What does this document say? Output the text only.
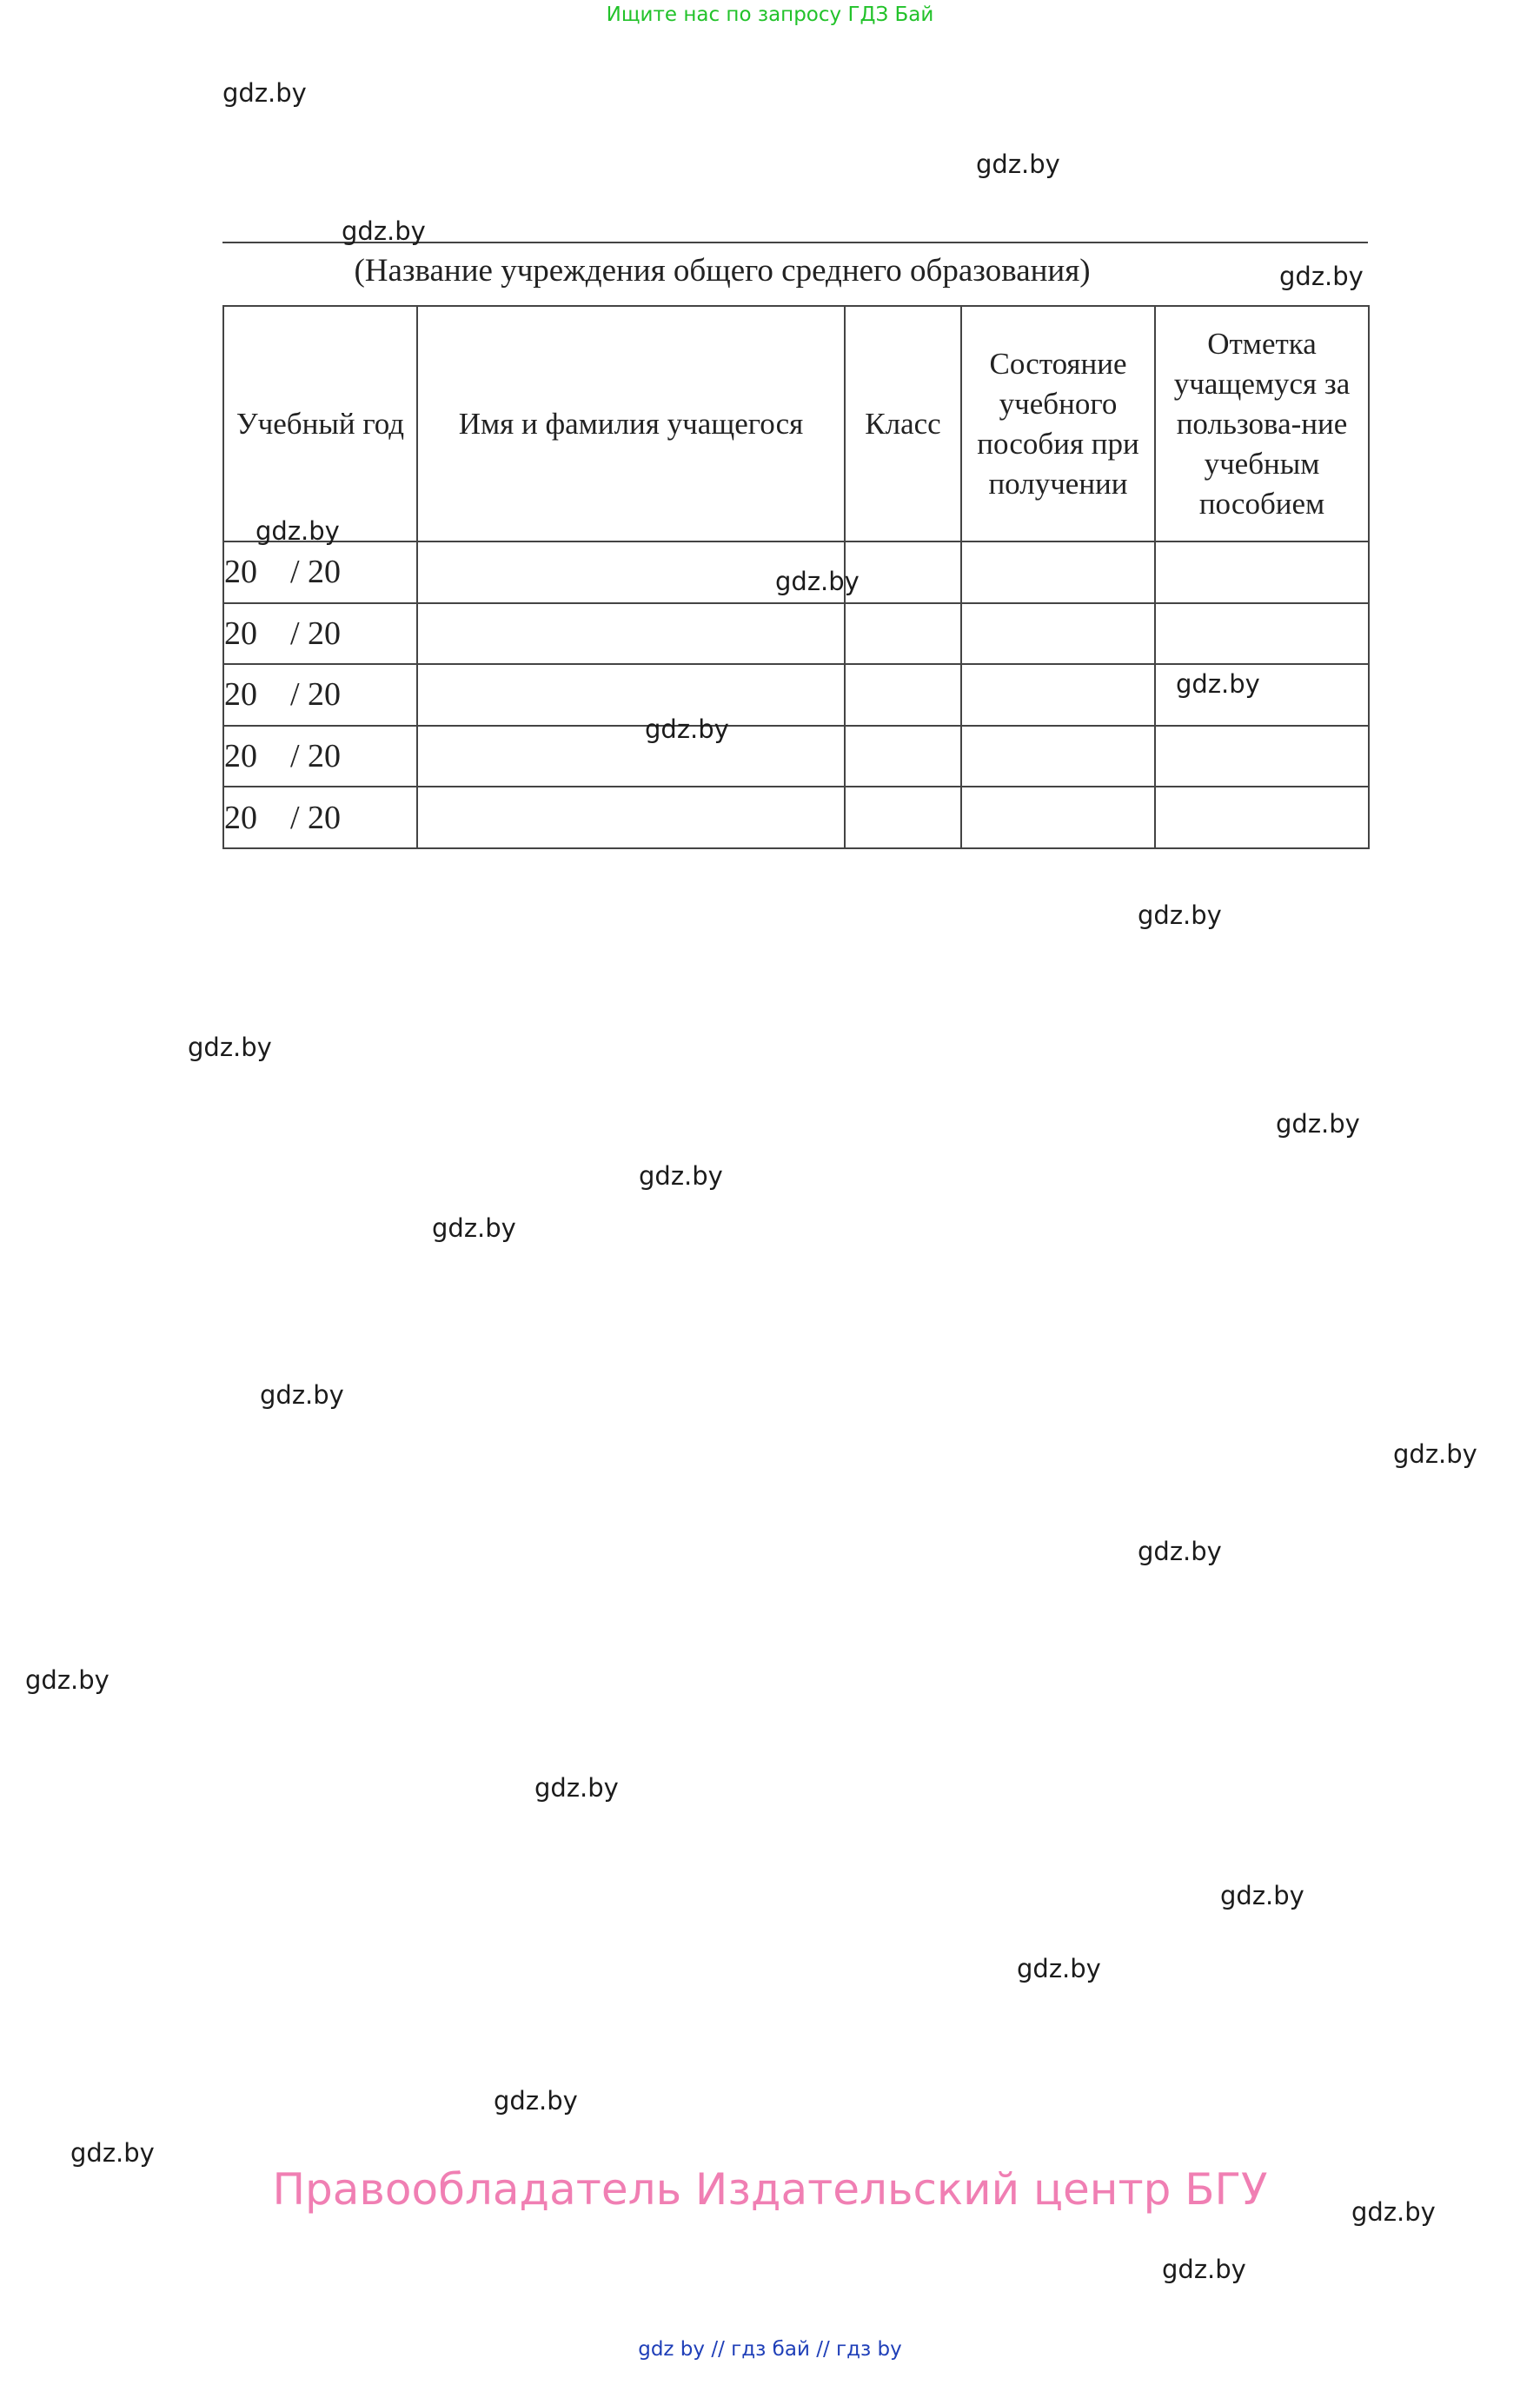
Ищите нас по запросу ГДЗ Бай
(Название учреждения общего среднего образования)
Учебный год	Имя и фамилия учащегося	Класс	Состояние учебного пособия при получении	Отметка учащемуся за пользова-ние учебным пособием
20    / 20				
20    / 20				
20    / 20				
20    / 20				
20    / 20				
gdz.by
gdz.by
gdz.by
gdz.by
gdz.by
gdz.by
gdz.by
gdz.by
gdz.by
gdz.by
gdz.by
gdz.by
gdz.by
gdz.by
gdz.by
gdz.by
gdz.by
gdz.by
gdz.by
gdz.by
gdz.by
gdz.by
gdz.by
gdz.by
Правообладатель Издательский центр БГУ
gdz by // гдз бай // гдз by
